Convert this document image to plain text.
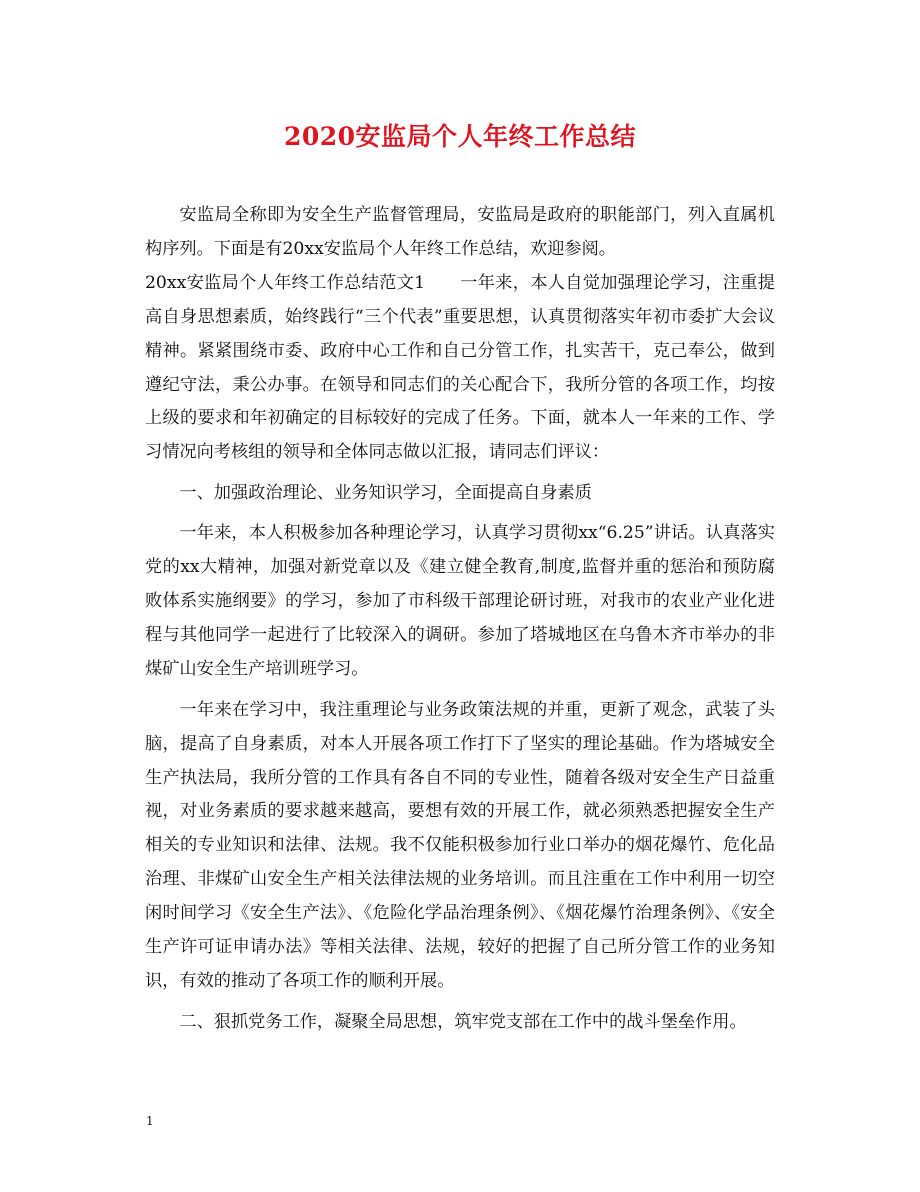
2020安监局个人年终工作总结

安监局全称即为安全生产监督管理局，安监局是政府的职能部门，列入直属机构序列。下面是有20xx安监局个人年终工作总结，欢迎参阅。

20xx安监局个人年终工作总结范文1　　一年来，本人自觉加强理论学习，注重提高自身思想素质，始终践行“三个代表”重要思想，认真贯彻落实年初市委扩大会议精神。紧紧围绕市委、政府中心工作和自己分管工作，扎实苦干，克己奉公，做到遵纪守法，秉公办事。在领导和同志们的关心配合下，我所分管的各项工作，均按上级的要求和年初确定的目标较好的完成了任务。下面，就本人一年来的工作、学习情况向考核组的领导和全体同志做以汇报，请同志们评议：

一、加强政治理论、业务知识学习，全面提高自身素质

一年来，本人积极参加各种理论学习，认真学习贯彻xx“6.25”讲话。认真落实党的xx大精神，加强对新党章以及《建立健全教育,制度,监督并重的惩治和预防腐败体系实施纲要》的学习，参加了市科级干部理论研讨班，对我市的农业产业化进程与其他同学一起进行了比较深入的调研。参加了塔城地区在乌鲁木齐市举办的非煤矿山安全生产培训班学习。

一年来在学习中，我注重理论与业务政策法规的并重，更新了观念，武装了头脑，提高了自身素质，对本人开展各项工作打下了坚实的理论基础。作为塔城安全生产执法局，我所分管的工作具有各自不同的专业性，随着各级对安全生产日益重视，对业务素质的要求越来越高，要想有效的开展工作，就必须熟悉把握安全生产相关的专业知识和法律、法规。我不仅能积极参加行业口举办的烟花爆竹、危化品治理、非煤矿山安全生产相关法律法规的业务培训。而且注重在工作中利用一切空闲时间学习《安全生产法》、《危险化学品治理条例》、《烟花爆竹治理条例》、《安全生产许可证申请办法》等相关法律、法规，较好的把握了自己所分管工作的业务知识，有效的推动了各项工作的顺利开展。

二、狠抓党务工作，凝聚全局思想，筑牢党支部在工作中的战斗堡垒作用。

1
